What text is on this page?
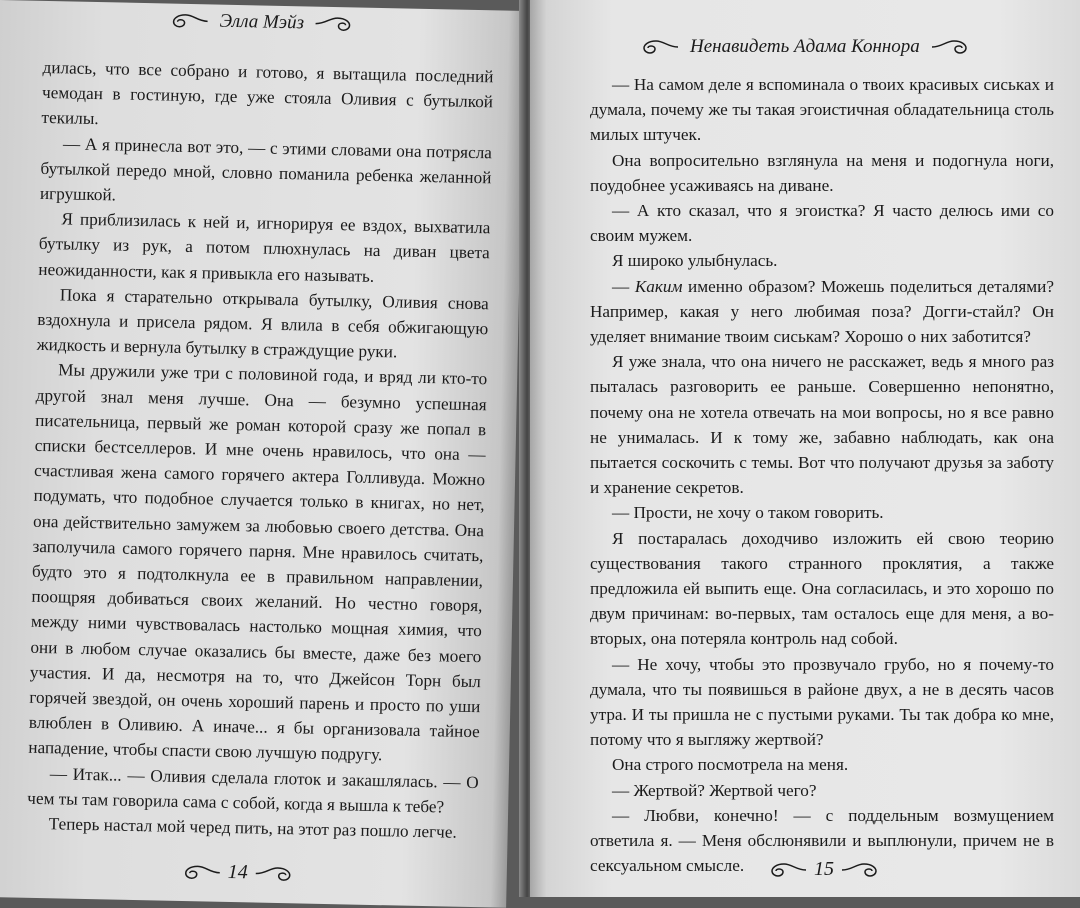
Элла Мэйз

дилась, что все собрано и готово, я вытащила последний чемодан в гостиную, где уже стояла Оливия с бутылкой текилы.

— А я принесла вот это, — с этими словами она потрясла бутылкой передо мной, словно поманила ребенка желанной игрушкой.

Я приблизилась к ней и, игнорируя ее вздох, выхватила бутылку из рук, а потом плюхнулась на диван цвета неожиданности, как я привыкла его называть.

Пока я старательно открывала бутылку, Оливия снова вздохнула и присела рядом. Я влила в себя обжигающую жидкость и вернула бутылку в страждущие руки.

Мы дружили уже три с половиной года, и вряд ли кто-то другой знал меня лучше. Она — безумно успешная писательница, первый же роман которой сразу же попал в списки бестселлеров. И мне очень нравилось, что она — счастливая жена самого горячего актера Голливуда. Можно подумать, что подобное случается только в книгах, но нет, она действительно замужем за любовью своего детства. Она заполучила самого горячего парня. Мне нравилось считать, будто это я подтолкнула ее в правильном направлении, поощряя добиваться своих желаний. Но честно говоря, между ними чувствовалась настолько мощная химия, что они в любом случае оказались бы вместе, даже без моего участия. И да, несмотря на то, что Джейсон Торн был горячей звездой, он очень хороший парень и просто по уши влюблен в Оливию. А иначе... я бы организовала тайное нападение, чтобы спасти свою лучшую подругу.

— Итак... — Оливия сделала глоток и закашлялась. — О чем ты там говорила сама с собой, когда я вышла к тебе?

Теперь настал мой черед пить, на этот раз пошло легче.

14
Ненавидеть Адама Коннора

— На самом деле я вспоминала о твоих красивых сиськах и думала, почему же ты такая эгоистичная обладательница столь милых штучек.

Она вопросительно взглянула на меня и подогнула ноги, поудобнее усаживаясь на диване.

— А кто сказал, что я эгоистка? Я часто делюсь ими со своим мужем.

Я широко улыбнулась.

— Каким именно образом? Можешь поделиться деталями? Например, какая у него любимая поза? Догги-стайл? Он уделяет внимание твоим сиськам? Хорошо о них заботится?

Я уже знала, что она ничего не расскажет, ведь я много раз пыталась разговорить ее раньше. Совершенно непонятно, почему она не хотела отвечать на мои вопросы, но я все равно не унималась. И к тому же, забавно наблюдать, как она пытается соскочить с темы. Вот что получают друзья за заботу и хранение секретов.

— Прости, не хочу о таком говорить.

Я постаралась доходчиво изложить ей свою теорию существования такого странного проклятия, а также предложила ей выпить еще. Она согласилась, и это хорошо по двум причинам: во-первых, там осталось еще для меня, а во-вторых, она потеряла контроль над собой.

— Не хочу, чтобы это прозвучало грубо, но я почему-то думала, что ты появишься в районе двух, а не в десять часов утра. И ты пришла не с пустыми руками. Ты так добра ко мне, потому что я выгляжу жертвой?

Она строго посмотрела на меня.

— Жертвой? Жертвой чего?

— Любви, конечно! — с поддельным возмущением ответила я. — Меня обслюнявили и выплюнули, причем не в сексуальном смысле.	15
